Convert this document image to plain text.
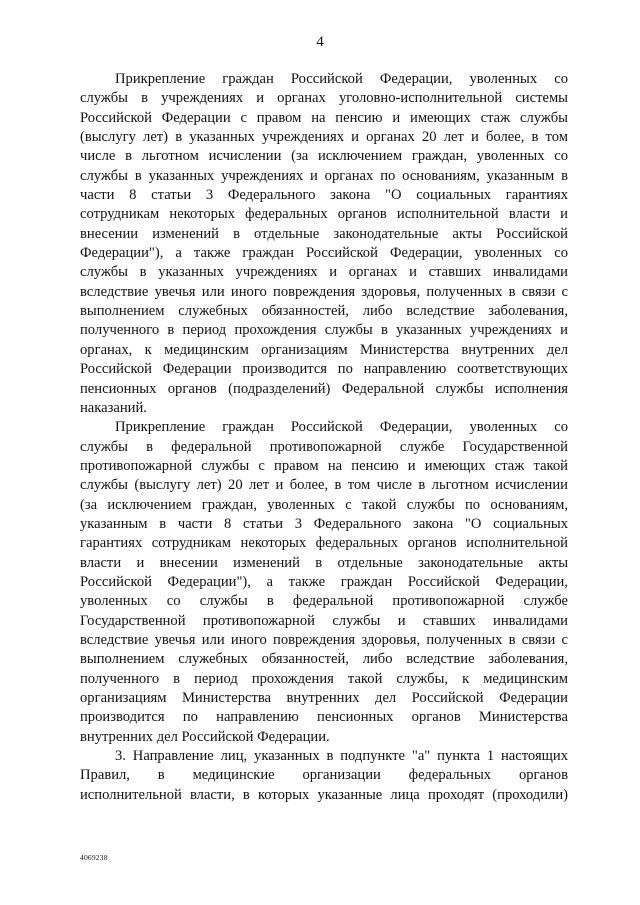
4
Прикрепление граждан Российской Федерации, уволенных со
службы в учреждениях и органах уголовно-исполнительной системы
Российской Федерации с правом на пенсию и имеющих стаж службы
(выслугу лет) в указанных учреждениях и органах 20 лет и более, в том
числе в льготном исчислении (за исключением граждан, уволенных со
службы в указанных учреждениях и органах по основаниям, указанным в
части 8 статьи 3 Федерального закона "О социальных гарантиях
сотрудникам некоторых федеральных органов исполнительной власти и
внесении изменений в отдельные законодательные акты Российской
Федерации"), а также граждан Российской Федерации, уволенных со
службы в указанных учреждениях и органах и ставших инвалидами
вследствие увечья или иного повреждения здоровья, полученных в связи с
выполнением служебных обязанностей, либо вследствие заболевания,
полученного в период прохождения службы в указанных учреждениях и
органах, к медицинским организациям Министерства внутренних дел
Российской Федерации производится по направлению соответствующих
пенсионных органов (подразделений) Федеральной службы исполнения
наказаний.
Прикрепление граждан Российской Федерации, уволенных со
службы в федеральной противопожарной службе Государственной
противопожарной службы с правом на пенсию и имеющих стаж такой
службы (выслугу лет) 20 лет и более, в том числе в льготном исчислении
(за исключением граждан, уволенных с такой службы по основаниям,
указанным в части 8 статьи 3 Федерального закона "О социальных
гарантиях сотрудникам некоторых федеральных органов исполнительной
власти и внесении изменений в отдельные законодательные акты
Российской Федерации"), а также граждан Российской Федерации,
уволенных со службы в федеральной противопожарной службе
Государственной противопожарной службы и ставших инвалидами
вследствие увечья или иного повреждения здоровья, полученных в связи с
выполнением служебных обязанностей, либо вследствие заболевания,
полученного в период прохождения такой службы, к медицинским
организациям Министерства внутренних дел Российской Федерации
производится по направлению пенсионных органов Министерства
внутренних дел Российской Федерации.
3. Направление лиц, указанных в подпункте "а" пункта 1 настоящих
Правил, в медицинские организации федеральных органов
исполнительной власти, в которых указанные лица проходят (проходили)
4069238
